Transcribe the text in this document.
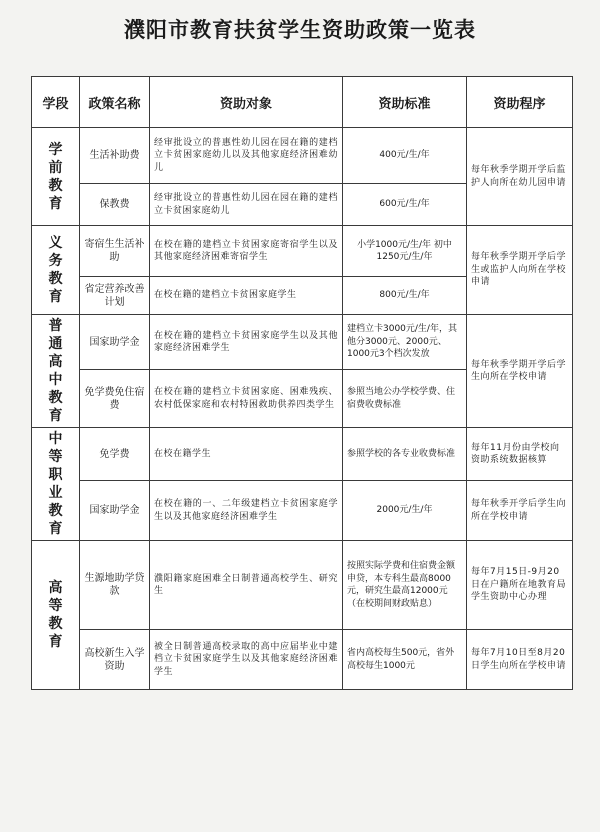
濮阳市教育扶贫学生资助政策一览表
学段	政策名称	资助对象	资助标准	资助程序

学前教育	生活补助费	经审批设立的普惠性幼儿园在园在籍的建档立卡贫困家庭幼儿以及其他家庭经济困难幼儿	400元/生/年	每年秋季学期开学后监护人向所在幼儿园申请
	保教费	经审批设立的普惠性幼儿园在园在籍的建档立卡贫困家庭幼儿	600元/生/年	

义务教育	寄宿生生活补助	在校在籍的建档立卡贫困家庭寄宿学生以及其他家庭经济困难寄宿学生	小学1000元/生/年 初中1250元/生/年	每年秋季学期开学后学生或监护人向所在学校申请
	省定营养改善计划	在校在籍的建档立卡贫困家庭学生	800元/生/年	

普通高中教育	国家助学金	在校在籍的建档立卡贫困家庭学生以及其他家庭经济困难学生	建档立卡3000元/生/年，其他分3000元、2000元、1000元3个档次发放	每年秋季学期开学后学生向所在学校申请
	免学费免住宿费	在校在籍的建档立卡贫困家庭、困难残疾、农村低保家庭和农村特困救助供养四类学生	参照当地公办学校学费、住宿费收费标准	

中等职业教育	免学费	在校在籍学生	参照学校的各专业收费标准	每年11月份由学校向资助系统数据核算
	国家助学金	在校在籍的一、二年级建档立卡贫困家庭学生以及其他家庭经济困难学生	2000元/生/年	每年秋季开学后学生向所在学校申请

高等教育	生源地助学贷款	濮阳籍家庭困难全日制普通高校学生、研究生	按照实际学费和住宿费金额申贷，本专科生最高8000元，研究生最高12000元（在校期间财政贴息）	每年7月15日-9月20日在户籍所在地教育局学生资助中心办理
	高校新生入学资助	被全日制普通高校录取的高中应届毕业中建档立卡贫困家庭学生以及其他家庭经济困难学生	省内高校每生500元，省外高校每生1000元	每年7月10日至8月20日学生向所在学校申请
